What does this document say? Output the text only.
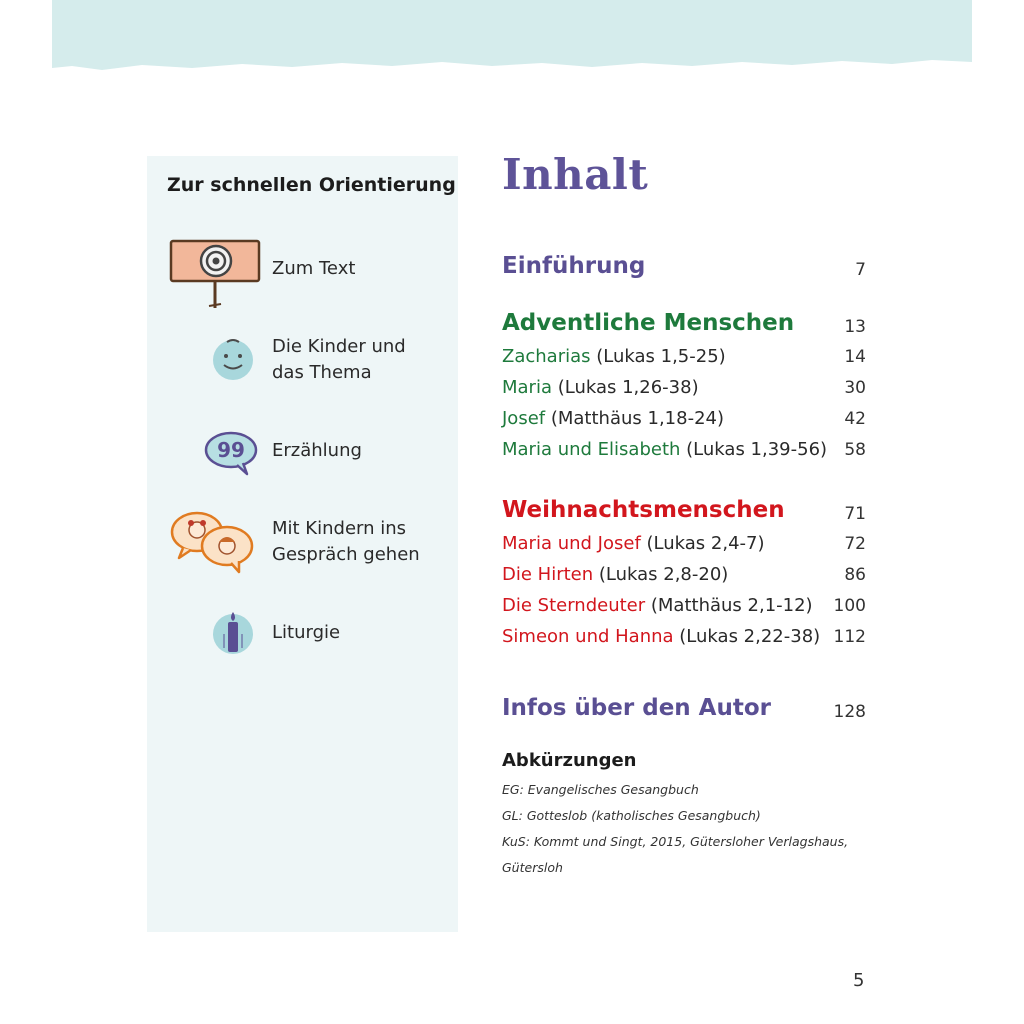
Zur schnellen Orientierung
Zum Text
Die Kinder und
das Thema
99 Erzählung
Mit Kindern ins
Gespräch gehen
Liturgie
Inhalt
Einführung	7
Adventliche Menschen	13
Zacharias (Lukas 1,5-25)	14
Maria (Lukas 1,26-38)	30
Josef (Matthäus 1,18-24)	42
Maria und Elisabeth (Lukas 1,39-56) 58
Weihnachtsmenschen	71
Maria und Josef (Lukas 2,4-7)	72
Die Hirten (Lukas 2,8-20)	86
Die Sterndeuter (Matthäus 2,1-12) 100
Simeon und Hanna (Lukas 2,22-38) 112
Infos über den Autor	128
Abkürzungen
EG: Evangelisches Gesangbuch
GL: Gotteslob (katholisches Gesangbuch)
KuS: Kommt und Singt, 2015, Gütersloher Verlagshaus,
Gütersloh
5
